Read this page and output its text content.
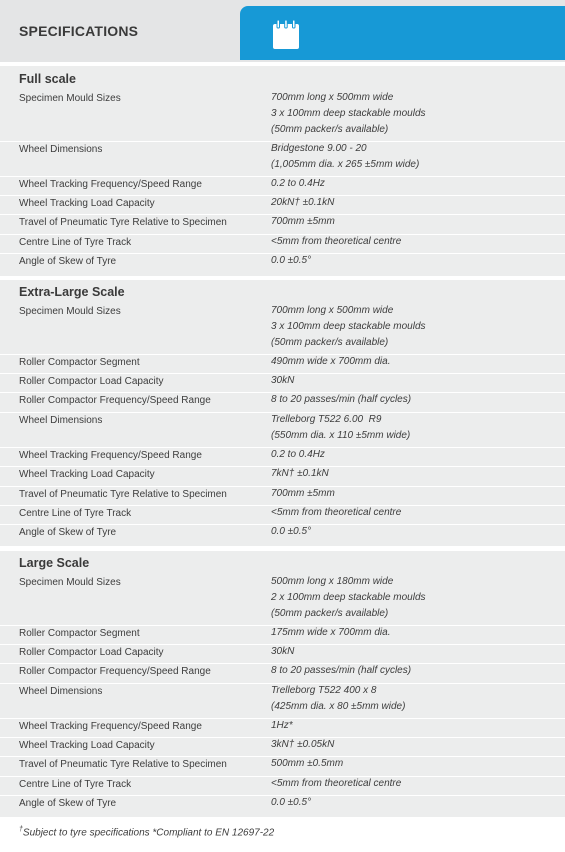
SPECIFICATIONS
Full scale
Specimen Mould Sizes	700mm long x 500mm wide
3 x 100mm deep stackable moulds
(50mm packer/s available)
Wheel Dimensions	Bridgestone 9.00 - 20
(1,005mm dia. x 265 ±5mm wide)
Wheel Tracking Frequency/Speed Range	0.2 to 0.4Hz
Wheel Tracking Load Capacity	20kN† ±0.1kN
Travel of Pneumatic Tyre Relative to Specimen	700mm ±5mm
Centre Line of Tyre Track	<5mm from theoretical centre
Angle of Skew of Tyre	0.0 ±0.5°
Extra-Large Scale
Specimen Mould Sizes	700mm long x 500mm wide
3 x 100mm deep stackable moulds
(50mm packer/s available)
Roller Compactor Segment	490mm wide x 700mm dia.
Roller Compactor Load Capacity	30kN
Roller Compactor Frequency/Speed Range	8 to 20 passes/min (half cycles)
Wheel Dimensions	Trelleborg T522 6.00  R9
(550mm dia. x 110 ±5mm wide)
Wheel Tracking Frequency/Speed Range	0.2 to 0.4Hz
Wheel Tracking Load Capacity	7kN† ±0.1kN
Travel of Pneumatic Tyre Relative to Specimen	700mm ±5mm
Centre Line of Tyre Track	<5mm from theoretical centre
Angle of Skew of Tyre	0.0 ±0.5°
Large Scale
Specimen Mould Sizes	500mm long x 180mm wide
2 x 100mm deep stackable moulds
(50mm packer/s available)
Roller Compactor Segment	175mm wide x 700mm dia.
Roller Compactor Load Capacity	30kN
Roller Compactor Frequency/Speed Range	8 to 20 passes/min (half cycles)
Wheel Dimensions	Trelleborg T522 400 x 8
(425mm dia. x 80 ±5mm wide)
Wheel Tracking Frequency/Speed Range	1Hz*
Wheel Tracking Load Capacity	3kN† ±0.05kN
Travel of Pneumatic Tyre Relative to Specimen	500mm ±0.5mm
Centre Line of Tyre Track	<5mm from theoretical centre
Angle of Skew of Tyre	0.0 ±0.5°
†Subject to tyre specifications *Compliant to EN 12697-22
